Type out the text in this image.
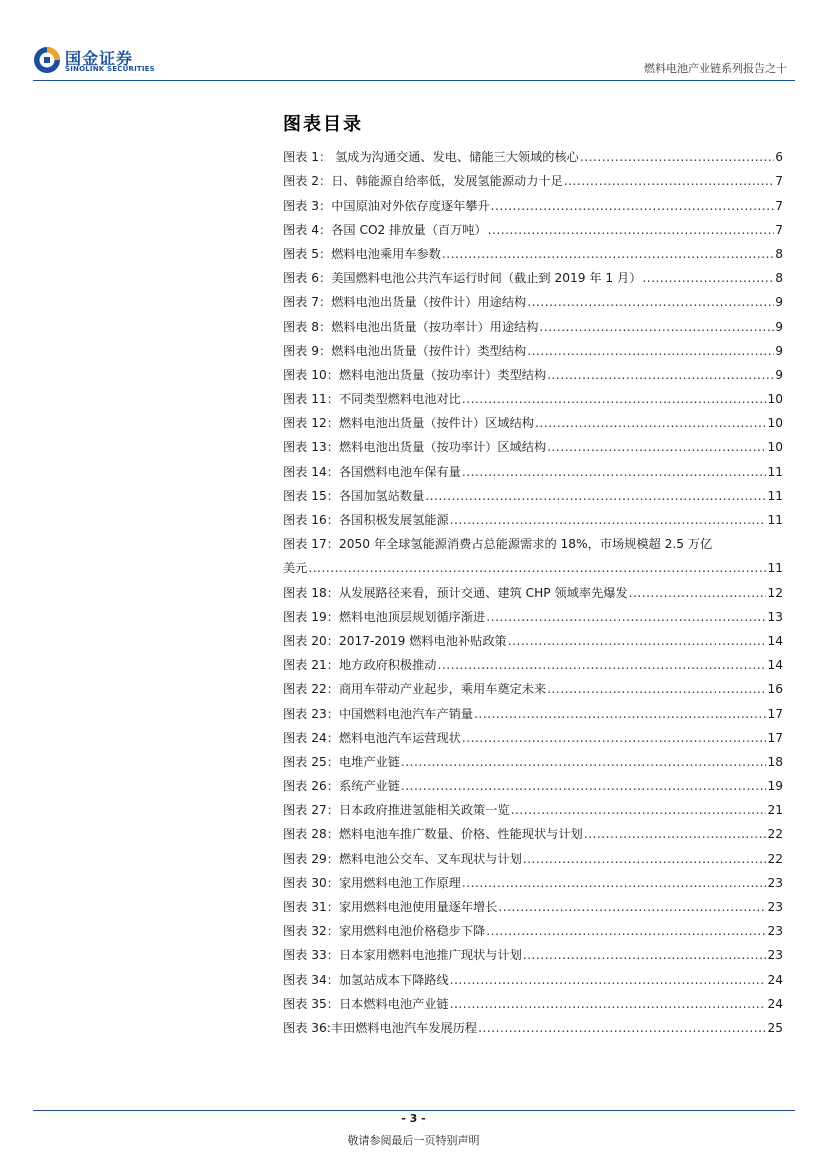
国金证券
SINOLINK SECURITIES	燃料电池产业链系列报告之十
图表目录
图表 1： 氢成为沟通交通、发电、储能三大领域的核心 .....	6
图表 2：日、韩能源自给率低，发展氢能源动力十足 .....	7
图表 3：中国原油对外依存度逐年攀升 .....	7
图表 4：各国 CO2 排放量（百万吨） .....	7
图表 5：燃料电池乘用车参数 .....	8
图表 6：美国燃料电池公共汽车运行时间（截止到 2019 年 1 月） .....	8
图表 7：燃料电池出货量（按件计）用途结构 .....	9
图表 8：燃料电池出货量（按功率计）用途结构 .....	9
图表 9：燃料电池出货量（按件计）类型结构 .....	9
图表 10：燃料电池出货量（按功率计）类型结构 .....	9
图表 11：不同类型燃料电池对比 .....	10
图表 12：燃料电池出货量（按件计）区域结构 .....	10
图表 13：燃料电池出货量（按功率计）区域结构 .....	10
图表 14：各国燃料电池车保有量 .....	11
图表 15：各国加氢站数量 .....	11
图表 16：各国积极发展氢能源 .....	11
图表 17：2050 年全球氢能源消费占总能源需求的 18%，市场规模超 2.5 万亿
美元 .....	11
图表 18：从发展路径来看，预计交通、建筑 CHP 领域率先爆发 .....	12
图表 19：燃料电池顶层规划循序渐进 .....	13
图表 20：2017-2019 燃料电池补贴政策 .....	14
图表 21：地方政府积极推动 .....	14
图表 22：商用车带动产业起步，乘用车奠定未来 .....	16
图表 23：中国燃料电池汽车产销量 .....	17
图表 24：燃料电池汽车运营现状 .....	17
图表 25：电堆产业链 .....	18
图表 26：系统产业链 .....	19
图表 27：日本政府推进氢能相关政策一览 .....	21
图表 28：燃料电池车推广数量、价格、性能现状与计划 .....	22
图表 29：燃料电池公交车、叉车现状与计划 .....	22
图表 30：家用燃料电池工作原理 .....	23
图表 31：家用燃料电池使用量逐年增长 .....	23
图表 32：家用燃料电池价格稳步下降 .....	23
图表 33：日本家用燃料电池推广现状与计划 .....	23
图表 34：加氢站成本下降路线 .....	24
图表 35：日本燃料电池产业链 .....	24
图表 36:丰田燃料电池汽车发展历程 .....	25
- 3 -
敬请参阅最后一页特别声明
